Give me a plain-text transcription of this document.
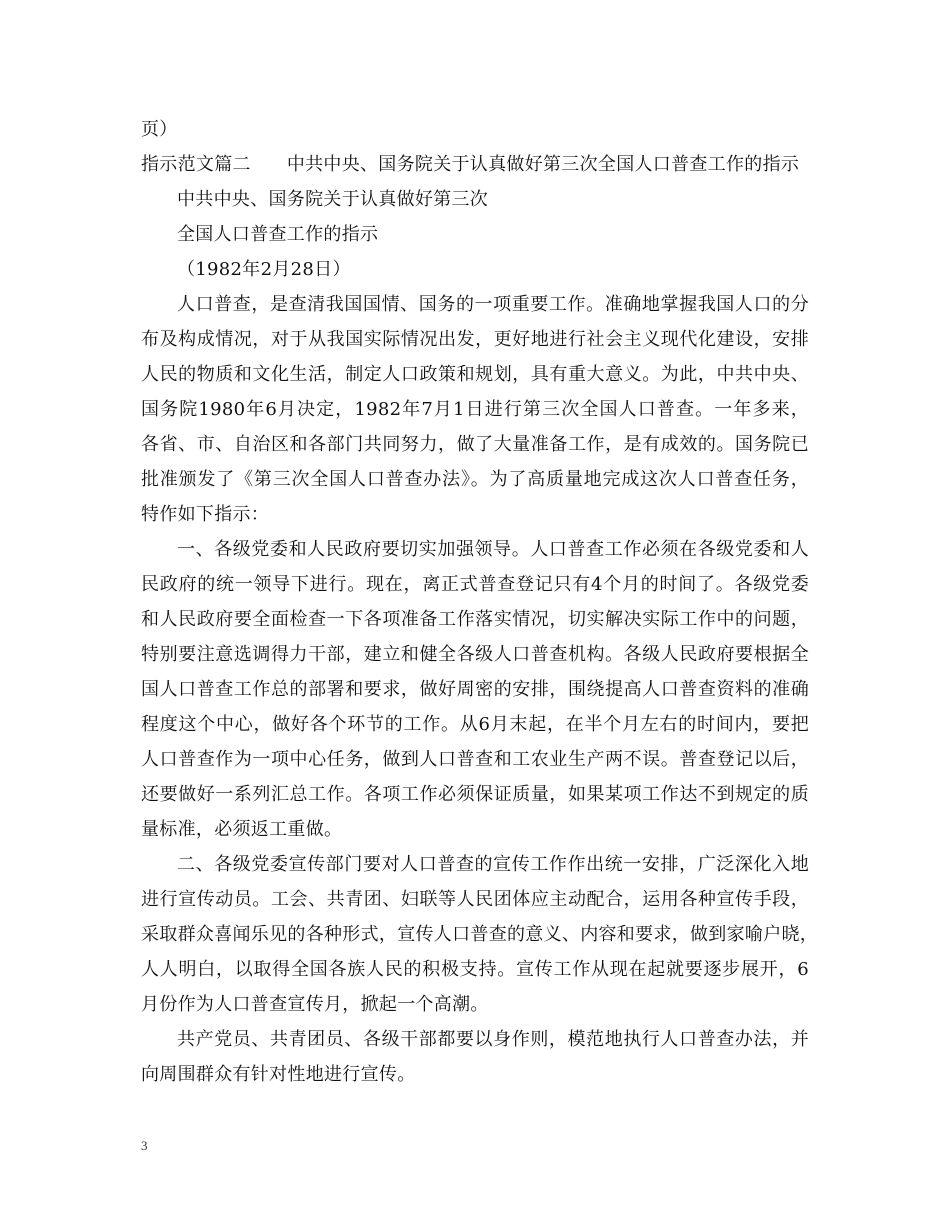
页）
指示范文篇二 中共中央、国务院关于认真做好第三次全国人口普查工作的指示
中共中央、国务院关于认真做好第三次
全国人口普查工作的指示
（1982年2月28日）
人口普查，是查清我国国情、国务的一项重要工作。准确地掌握我国人口的分
布及构成情况，对于从我国实际情况出发，更好地进行社会主义现代化建设，安排
人民的物质和文化生活，制定人口政策和规划，具有重大意义。为此，中共中央、
国务院1980年6月决定，1982年7月1日进行第三次全国人口普查。一年多来，
各省、市、自治区和各部门共同努力，做了大量准备工作，是有成效的。国务院已
批准颁发了《第三次全国人口普查办法》。为了高质量地完成这次人口普查任务，
特作如下指示：
一、各级党委和人民政府要切实加强领导。人口普查工作必须在各级党委和人
民政府的统一领导下进行。现在，离正式普查登记只有4个月的时间了。各级党委
和人民政府要全面检查一下各项准备工作落实情况，切实解决实际工作中的问题，
特别要注意选调得力干部，建立和健全各级人口普查机构。各级人民政府要根据全
国人口普查工作总的部署和要求，做好周密的安排，围绕提高人口普查资料的准确
程度这个中心，做好各个环节的工作。从6月末起，在半个月左右的时间内，要把
人口普查作为一项中心任务，做到人口普查和工农业生产两不误。普查登记以后，
还要做好一系列汇总工作。各项工作必须保证质量，如果某项工作达不到规定的质
量标准，必须返工重做。
二、各级党委宣传部门要对人口普查的宣传工作作出统一安排，广泛深化入地
进行宣传动员。工会、共青团、妇联等人民团体应主动配合，运用各种宣传手段，
采取群众喜闻乐见的各种形式，宣传人口普查的意义、内容和要求，做到家喻户晓，
人人明白，以取得全国各族人民的积极支持。宣传工作从现在起就要逐步展开，6
月份作为人口普查宣传月，掀起一个高潮。
共产党员、共青团员、各级干部都要以身作则，模范地执行人口普查办法，并
向周围群众有针对性地进行宣传。
3
